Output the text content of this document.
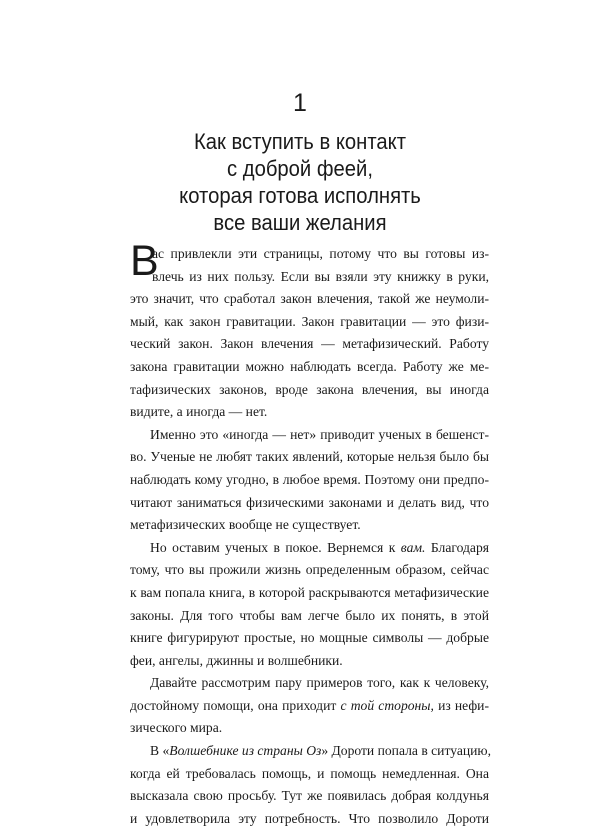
1
Как вступить в контакт
с доброй феей,
которая готова исполнять
все ваши желания
В
ас привлекли эти страницы, потому что вы готовы из-
влечь из них пользу. Если вы взяли эту книжку в руки,
это значит, что сработал закон влечения, такой же неумоли-
мый, как закон гравитации. Закон гравитации — это физи-
ческий закон. Закон влечения — метафизический. Работу
закона гравитации можно наблюдать всегда. Работу же ме-
тафизических законов, вроде закона влечения, вы иногда
видите, а иногда — нет.
Именно это «иногда — нет» приводит ученых в бешенст-
во. Ученые не любят таких явлений, которые нельзя было бы
наблюдать кому угодно, в любое время. Поэтому они предпо-
читают заниматься физическими законами и делать вид, что
метафизических вообще не существует.
Но оставим ученых в покое. Вернемся к вам. Благодаря
тому, что вы прожили жизнь определенным образом, сейчас
к вам попала книга, в которой раскрываются метафизические
законы. Для того чтобы вам легче было их понять, в этой
книге фигурируют простые, но мощные символы — добрые
феи, ангелы, джинны и волшебники.
Давайте рассмотрим пару примеров того, как к человеку,
достойному помощи, она приходит с той стороны, из нефи-
зического мира.
В «Волшебнике из страны Оз» Дороти попала в ситуацию,
когда ей требовалась помощь, и помощь немедленная. Она
высказала свою просьбу. Тут же появилась добрая колдунья
и удовлетворила эту потребность. Что позволило Дороти
